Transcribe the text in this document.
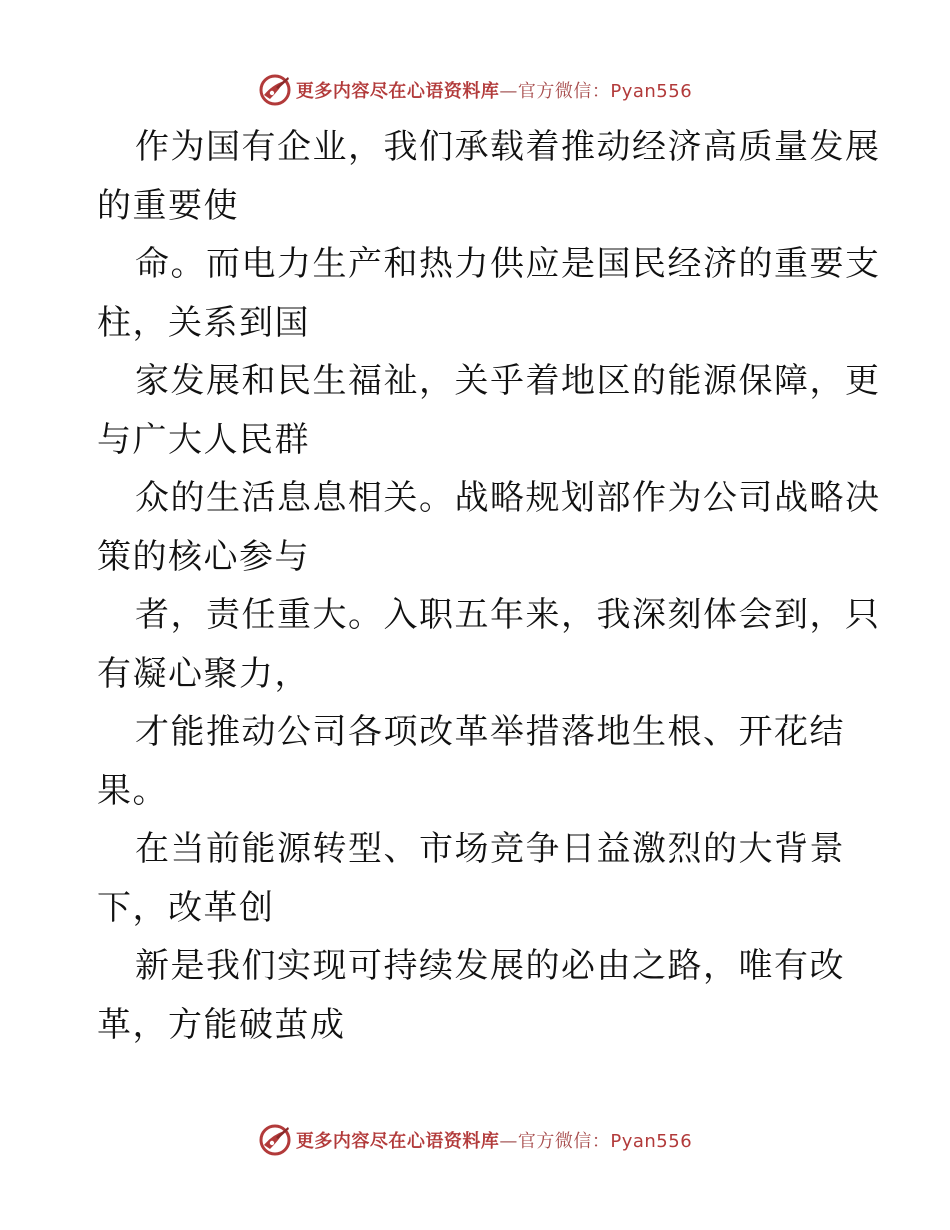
更多内容尽在心语资料库—官方微信：Pyan556
作为国有企业，我们承载着推动经济高质量发展
的重要使
命。而电力生产和热力供应是国民经济的重要支
柱，关系到国
家发展和民生福祉，关乎着地区的能源保障，更
与广大人民群
众的生活息息相关。战略规划部作为公司战略决
策的核心参与
者，责任重大。入职五年来，我深刻体会到，只
有凝心聚力，
才能推动公司各项改革举措落地生根、开花结
果。
在当前能源转型、市场竞争日益激烈的大背景
下，改革创
新是我们实现可持续发展的必由之路，唯有改
革，方能破茧成
更多内容尽在心语资料库—官方微信：Pyan556
